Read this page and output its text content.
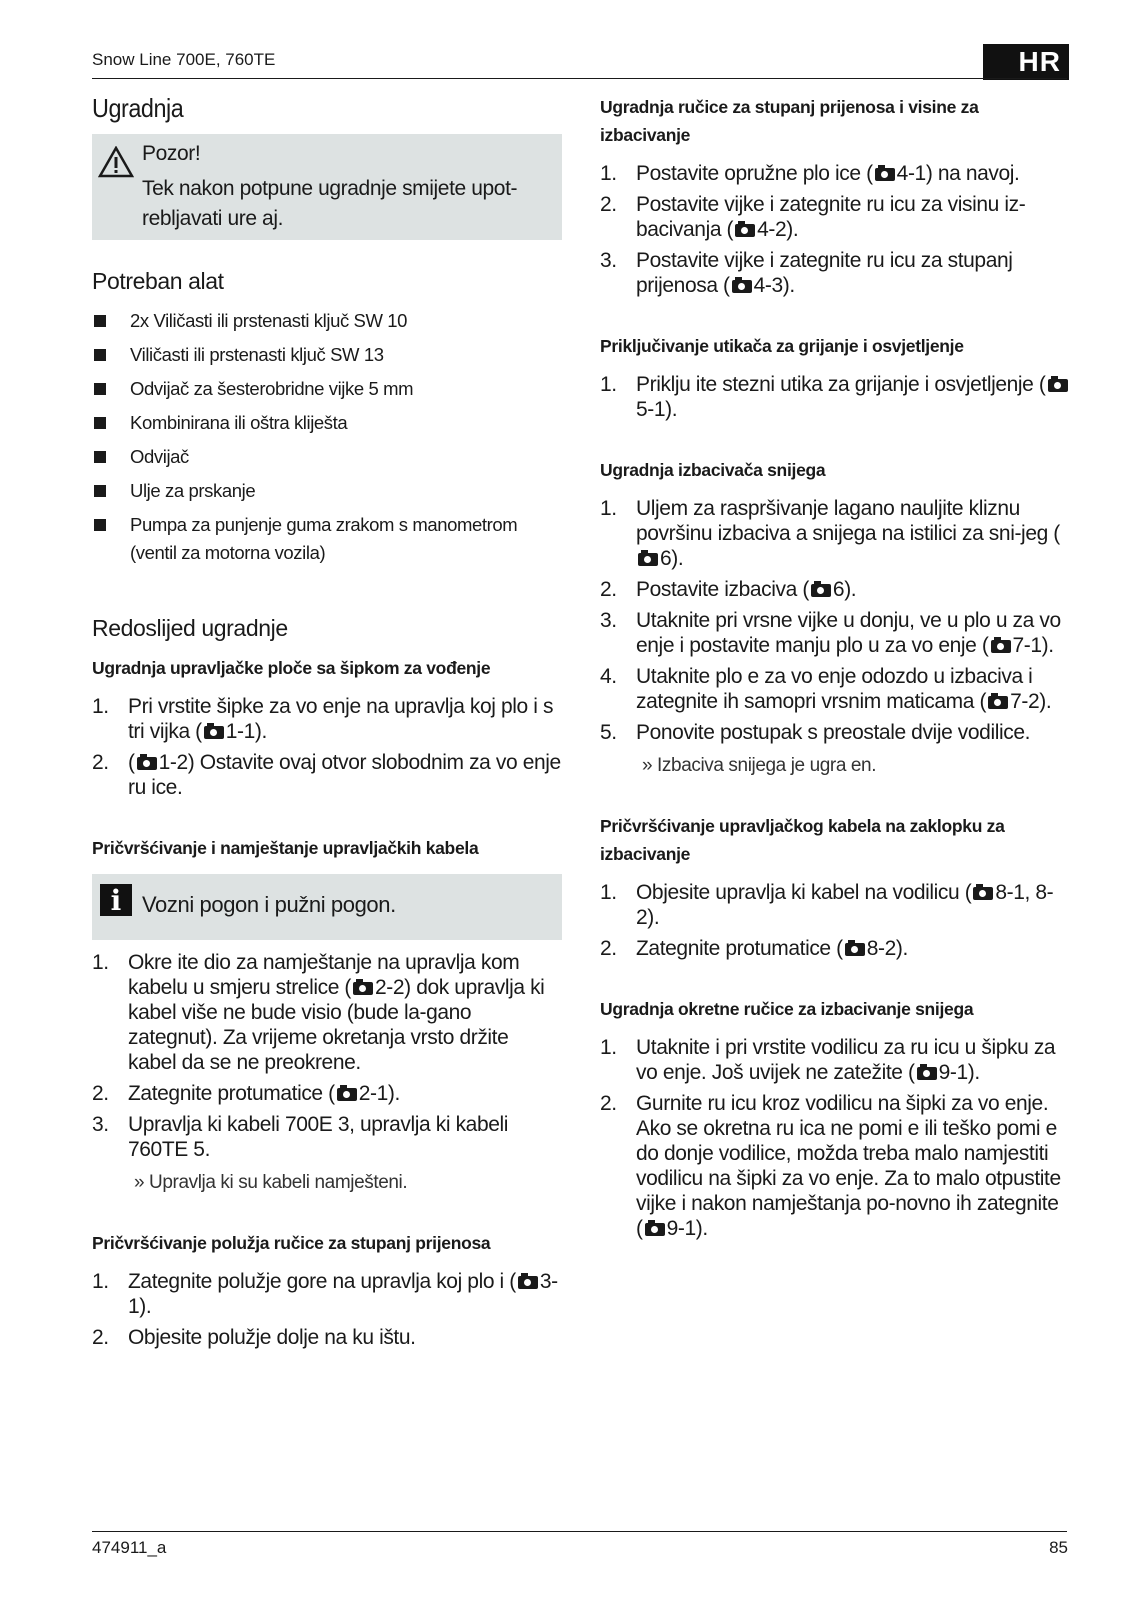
Snow Line 700E, 760TE	HR
Ugradnja
Pozor!
Tek nakon potpune ugradnje smijete upot-rebljavati ure aj.
Potreban alat
2x Viličasti ili prstenasti ključ SW 10
Viličasti ili prstenasti ključ SW 13
Odvijač za šesterobridne vijke 5 mm
Kombinirana ili oštra kliješta
Odvijač
Ulje za prskanje
Pumpa za punjenje guma zrakom s manometrom (ventil za motorna vozila)
Redoslijed ugradnje
Ugradnja upravljačke ploče sa šipkom za vođenje
1. Pri vrstite šipke za vo enje na upravlja koj plo i s tri vijka ( 1-1).
2. ( 1-2) Ostavite ovaj otvor slobodnim za vo enje ru ice.
Pričvršćivanje i namještanje upravljačkih kabela
i Vozni pogon i pužni pogon.
1. Okre ite dio za namještanje na upravlja kom kabelu u smjeru strelice ( 2-2) dok upravlja ki kabel više ne bude visio (bude la-gano zategnut). Za vrijeme okretanja vrsto držite kabel da se ne preokrene.
2. Zategnite protumatice ( 2-1).
3. Upravlja ki kabeli 700E 3, upravlja ki kabeli 760TE 5.
» Upravlja ki su kabeli namješteni.
Pričvršćivanje polužja ručice za stupanj prijenosa
1. Zategnite polužje gore na upravlja koj plo i ( 3-1).
2. Objesite polužje dolje na ku ištu.
Ugradnja ručice za stupanj prijenosa i visine za izbacivanje
1. Postavite opružne plo ice ( 4-1) na navoj.
2. Postavite vijke i zategnite ru icu za visinu iz-bacivanja ( 4-2).
3. Postavite vijke i zategnite ru icu za stupanj prijenosa ( 4-3).
Priključivanje utikača za grijanje i osvjetljenje
1. Priklju ite stezni utika za grijanje i osvjetljenje (5-1).
Ugradnja izbacivača snijega
1. Uljem za raspršivanje lagano nauljite kliznu površinu izbaciva a snijega na istilici za sni-jeg (6).
2. Postavite izbaciva ( 6).
3. Utaknite pri vrsne vijke u donju, ve u plo u za vo enje i postavite manju plo u za vo enje ( 7-1).
4. Utaknite plo e za vo enje odozdo u izbaciva i zategnite ih samopri vrsnim maticama ( 7-2).
5. Ponovite postupak s preostale dvije vodilice.
» Izbaciva snijega je ugra en.
Pričvršćivanje upravljačkog kabela na zaklopku za izbacivanje
1. Objesite upravlja ki kabel na vodilicu ( 8-1, 8-2).
2. Zategnite protumatice ( 8-2).
Ugradnja okretne ručice za izbacivanje snijega
1. Utaknite i pri vrstite vodilicu za ru icu u šipku za vo enje. Još uvijek ne zatežite ( 9-1).
2. Gurnite ru icu kroz vodilicu na šipki za vo enje.
Ako se okretna ru ica ne pomi e ili teško pomi e do donje vodilice, možda treba malo namjestiti vodilicu na šipki za vo enje. Za to malo otpustite vijke i nakon namještanja po-novno ih zategnite ( 9-1).
474911_a	85
